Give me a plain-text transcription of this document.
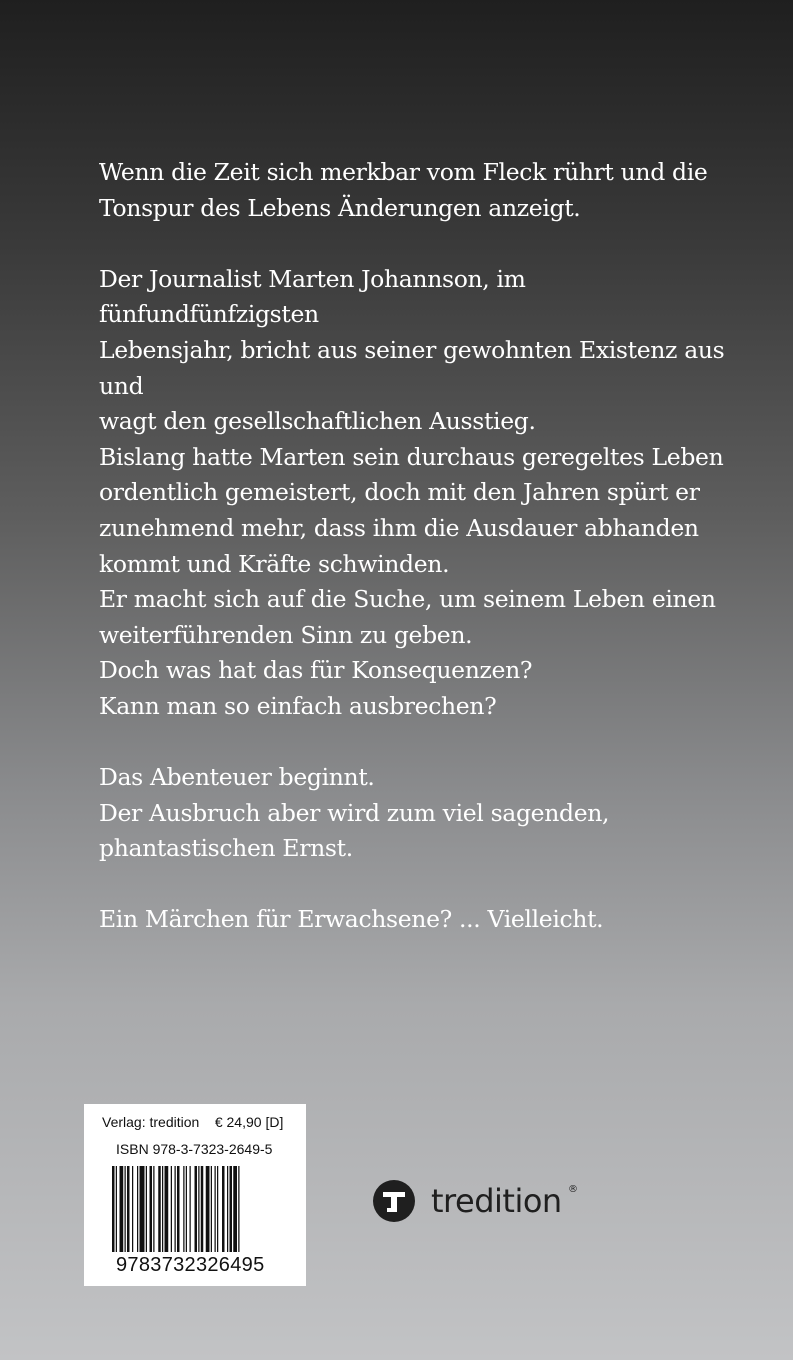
Wenn die Zeit sich merkbar vom Fleck rührt und die

Tonspur des Lebens Änderungen anzeigt.

Der Journalist Marten Johannson, im fünfundfünfzigsten

Lebensjahr, bricht aus seiner gewohnten Existenz aus und

wagt den gesellschaftlichen Ausstieg.

Bislang hatte Marten sein durchaus geregeltes Leben

ordentlich gemeistert, doch mit den Jahren spürt er

zunehmend mehr, dass ihm die Ausdauer abhanden

kommt und Kräfte schwinden.

Er macht sich auf die Suche, um seinem Leben einen

weiterführenden Sinn zu geben.

Doch was hat das für Konsequenzen?

Kann man so einfach ausbrechen?

Das Abenteuer beginnt.

Der Ausbruch aber wird zum viel sagenden,

phantastischen Ernst.

Ein Märchen für Erwachsene? ... Vielleicht.

Verlag: tredition    € 24,90 [D]
ISBN 978-3-7323-2649-5
9783732326495
tredition ®
